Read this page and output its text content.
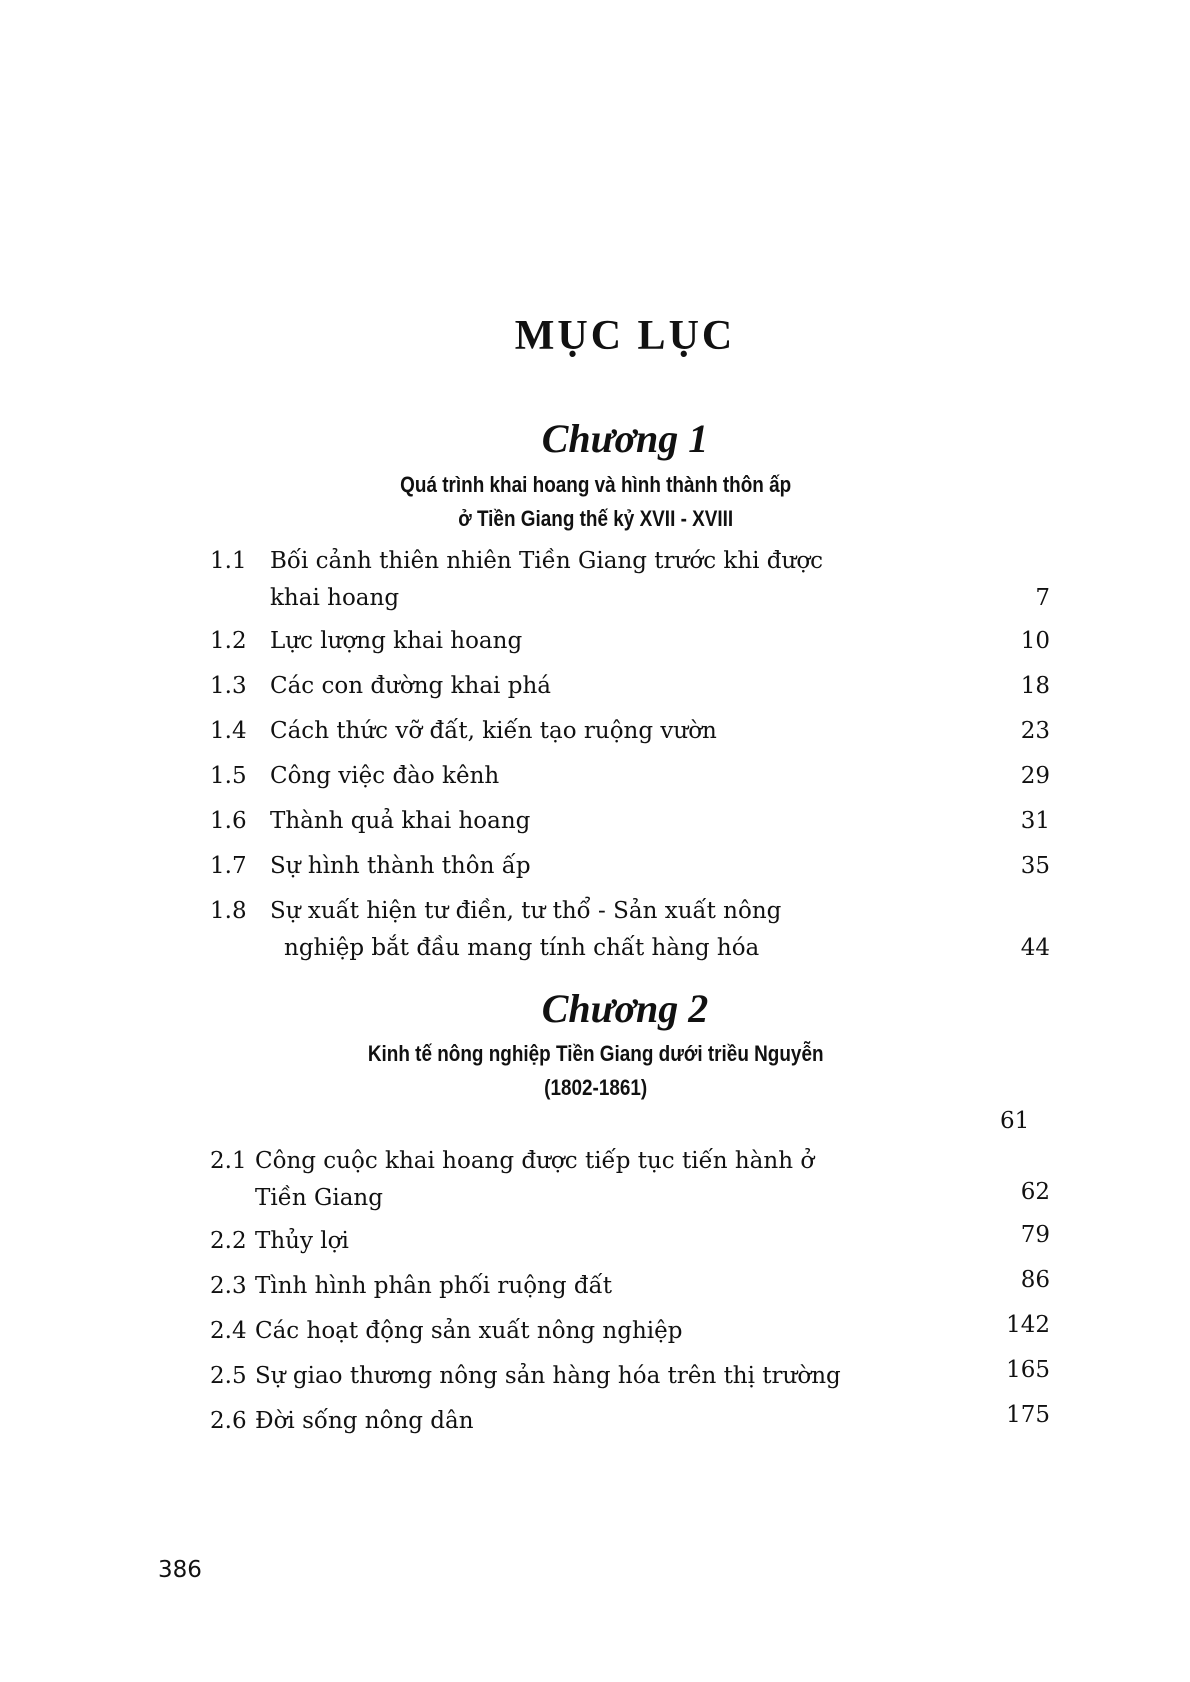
MỤC LỤC
Chương 1
Quá trình khai hoang và hình thành thôn ấp
ở Tiền Giang thế kỷ XVII - XVIII
1.1 Bối cảnh thiên nhiên Tiền Giang trước khi được
khai hoang	7
1.2 Lực lượng khai hoang	10
1.3 Các con đường khai phá	18
1.4 Cách thức vỡ đất, kiến tạo ruộng vườn	23
1.5 Công việc đào kênh	29
1.6 Thành quả khai hoang	31
1.7 Sự hình thành thôn ấp	35
1.8 Sự xuất hiện tư điền, tư thổ - Sản xuất nông
nghiệp bắt đầu mang tính chất hàng hóa	44
Chương 2
Kinh tế nông nghiệp Tiền Giang dưới triều Nguyễn
(1802-1861)
61
2.1 Công cuộc khai hoang được tiếp tục tiến hành ở
Tiền Giang	62
2.2 Thủy lợi	79
2.3 Tình hình phân phối ruộng đất	86
2.4 Các hoạt động sản xuất nông nghiệp	142
2.5 Sự giao thương nông sản hàng hóa trên thị trường	165
2.6 Đời sống nông dân	175
386
